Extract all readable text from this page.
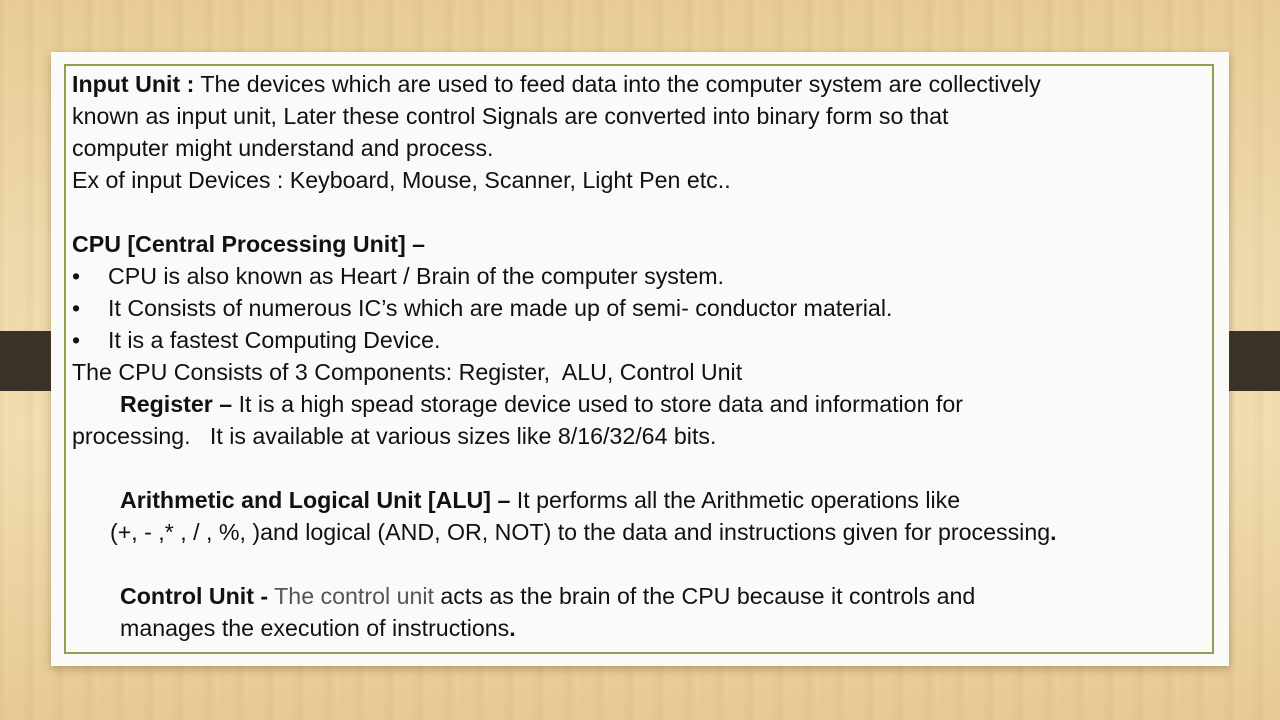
Input Unit : The devices which are used to feed data into the computer system are collectively
known as input unit, Later these control Signals are converted into binary form so that
computer might understand and process.
Ex of input Devices : Keyboard, Mouse, Scanner, Light Pen etc..
CPU [Central Processing Unit] –
• CPU is also known as Heart / Brain of the computer system.
• It Consists of numerous IC’s which are made up of semi- conductor material.
• It is a fastest Computing Device.
The CPU Consists of 3 Components: Register,  ALU, Control Unit
Register – It is a high spead storage device used to store data and information for
processing.   It is available at various sizes like 8/16/32/64 bits.
Arithmetic and Logical Unit [ALU] – It performs all the Arithmetic operations like
(+, - ,* , / , %, )and logical (AND, OR, NOT) to the data and instructions given for processing.
Control Unit - The control unit acts as the brain of the CPU because it controls and
manages the execution of instructions.
